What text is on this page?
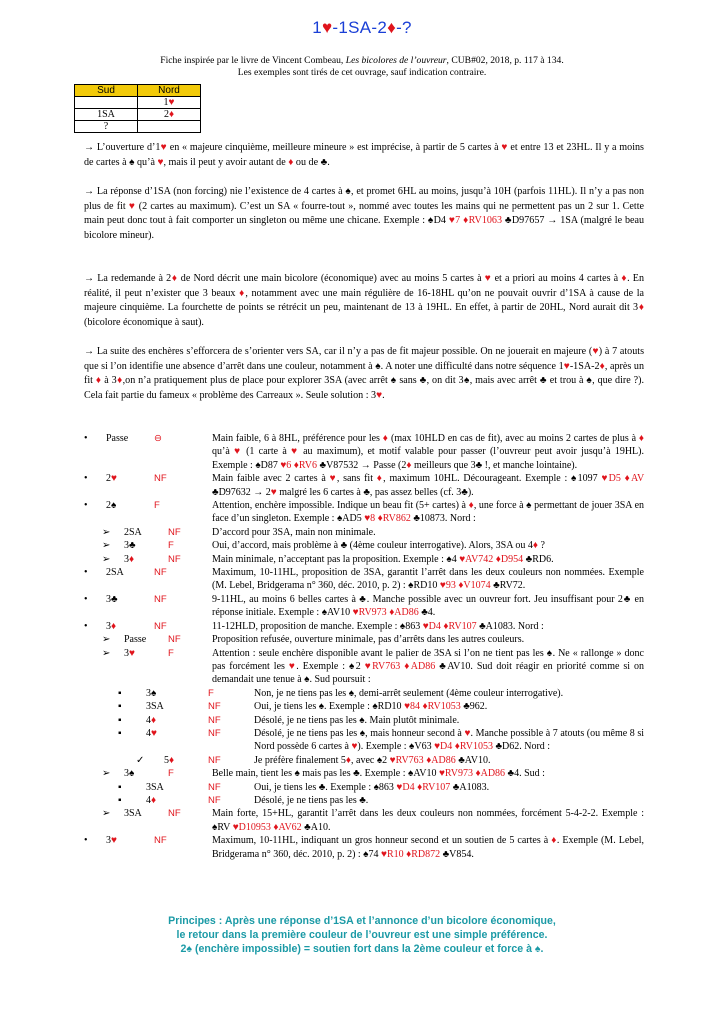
1♥-1SA-2♦-?
Fiche inspirée par le livre de Vincent Combeau, Les bicolores de l’ouvreur, CUB#02, 2018, p. 117 à 134.
Les exemples sont tirés de cet ouvrage, sauf indication contraire.
Sud	Nord
	1♥
1SA	2♦
?	
→ L’ouverture d’1♥ en « majeure cinquième, meilleure mineure » est imprécise, à partir de 5 cartes à ♥ et entre 13 et 23HL. Il y a moins de cartes à ♠ qu’à ♥, mais il peut y avoir autant de ♦ ou de ♣.
→ La réponse d’1SA (non forcing) nie l’existence de 4 cartes à ♠, et promet 6HL au moins, jusqu’à 10H (parfois 11HL). Il n’y a pas non plus de fit ♥ (2 cartes au maximum). C’est un SA « fourre-tout », nommé avec toutes les mains qui ne permettent pas un 2 sur 1. Cette main peut donc tout à fait comporter un singleton ou même une chicane. Exemple : ♠D4 ♥7 ♦RV1063 ♣D97657 → 1SA (malgré le beau bicolore mineur).
→ La redemande à 2♦ de Nord décrit une main bicolore (économique) avec au moins 5 cartes à ♥ et a priori au moins 4 cartes à ♦. En réalité, il peut n’exister que 3 beaux ♦, notamment avec une main régulière de 16-18HL qu’on ne pouvait ouvrir d’1SA à cause de la majeure cinquième. La fourchette de points se rétrécit un peu, maintenant de 13 à 19HL. En effet, à partir de 20HL, Nord aurait dit 3♦ (bicolore économique à saut).
→ La suite des enchères s’efforcera de s’orienter vers SA, car il n’y a pas de fit majeur possible. On ne jouerait en majeure (♥) à 7 atouts que si l’on identifie une absence d’arrêt dans une couleur, notamment à ♠. A noter une difficulté dans notre séquence 1♥-1SA-2♦, après un fit ♦ à 3♦,on n’a pratiquement plus de place pour explorer 3SA (avec arrêt ♠ sans ♣, on dit 3♠, mais avec arrêt ♣ et trou à ♠, que dire ?). Cela fait partie du fameux « problème des Carreaux ». Seule solution : 3♥.
•	Passe	⊖	Main faible, 6 à 8HL, préférence pour les ♦ (max 10HLD en cas de fit), avec au moins 2 cartes de plus à ♦ qu’à ♥ (1 carte à ♥ au maximum), et motif valable pour passer (l’ouvreur peut avoir jusqu’à 19HL). Exemple : ♠D87 ♥6 ♦RV6 ♣V87532 → Passe (2♦ meilleurs que 3♣ !, et manche lointaine).
•	2♥	NF	Main faible avec 2 cartes à ♥, sans fit ♦, maximum 10HL. Décourageant. Exemple : ♠1097 ♥D5 ♦AV ♣D97632 → 2♥ malgré les 6 cartes à ♣, pas assez belles (cf. 3♣).
•	2♠	F	Attention, enchère impossible. Indique un beau fit (5+ cartes) à ♦, une force à ♠ permettant de jouer 3SA en face d’un singleton. Exemple : ♠AD5 ♥8 ♦RV862 ♣10873. Nord :
➢	2SA	NF	D’accord pour 3SA, main non minimale.
➢	3♣	F	Oui, d’accord, mais problème à ♣ (4ème couleur interrogative). Alors, 3SA ou 4♦ ?
➢	3♦	NF	Main minimale, n’acceptant pas la proposition. Exemple : ♠4 ♥AV742 ♦D954 ♣RD6.
•	2SA	NF	Maximum, 10-11HL, proposition de 3SA, garantit l’arrêt dans les deux couleurs non nommées. Exemple (M. Lebel, Bridgerama n° 360, déc. 2010, p. 2) : ♠RD10 ♥93 ♦V1074 ♣RV72.
•	3♣	NF	9-11HL, au moins 6 belles cartes à ♣. Manche possible avec un ouvreur fort. Jeu insuffisant pour 2♣ en réponse initiale. Exemple : ♠AV10 ♥RV973 ♦AD86 ♣4.
•	3♦	NF	11-12HLD, proposition de manche. Exemple : ♠863 ♥D4 ♦RV107 ♣A1083. Nord :
➢	Passe NF	Proposition refusée, ouverture minimale, pas d’arrêts dans les autres couleurs.
➢	3♥	F	Attention : seule enchère disponible avant le palier de 3SA si l’on ne tient pas les ♠. Ne « rallonge » donc pas forcément les ♥. Exemple : ♠2 ♥RV763 ♦AD86 ♣AV10. Sud doit réagir en priorité comme si on demandait une tenue à ♠. Sud poursuit :
▪	3♠	F	Non, je ne tiens pas les ♠, demi-arrêt seulement (4ème couleur interrogative).
▪	3SA	NF	Oui, je tiens les ♠. Exemple : ♠RD10 ♥84 ♦RV1053 ♣962.
▪	4♦	NF	Désolé, je ne tiens pas les ♠. Main plutôt minimale.
▪	4♥	NF	Désolé, je ne tiens pas les ♠, mais honneur second à ♥. Manche possible à 7 atouts (ou même 8 si Nord possède 6 cartes à ♥). Exemple : ♠V63 ♥D4 ♦RV1053 ♣D62. Nord :
✓	5♦	NF	Je préfère finalement 5♦, avec ♠2 ♥RV763 ♦AD86 ♣AV10.
➢	3♠	F	Belle main, tient les ♠ mais pas les ♣. Exemple : ♠AV10 ♥RV973 ♦AD86 ♣4. Sud :
▪	3SA	NF	Oui, je tiens les ♣. Exemple : ♠863 ♥D4 ♦RV107 ♣A1083.
▪	4♦	NF	Désolé, je ne tiens pas les ♣.
➢	3SA	NF	Main forte, 15+HL, garantit l’arrêt dans les deux couleurs non nommées, forcément 5-4-2-2. Exemple : ♠RV ♥D10953 ♦AV62 ♣A10.
•	3♥	NF	Maximum, 10-11HL, indiquant un gros honneur second et un soutien de 5 cartes à ♦. Exemple (M. Lebel, Bridgerama n° 360, déc. 2010, p. 2) : ♠74 ♥R10 ♦RD872 ♣V854.
Principes : Après une réponse d’1SA et l’annonce d’un bicolore économique,
le retour dans la première couleur de l’ouvreur est une simple préférence.
2♠ (enchère impossible) = soutien fort dans la 2ème couleur et force à ♠.
